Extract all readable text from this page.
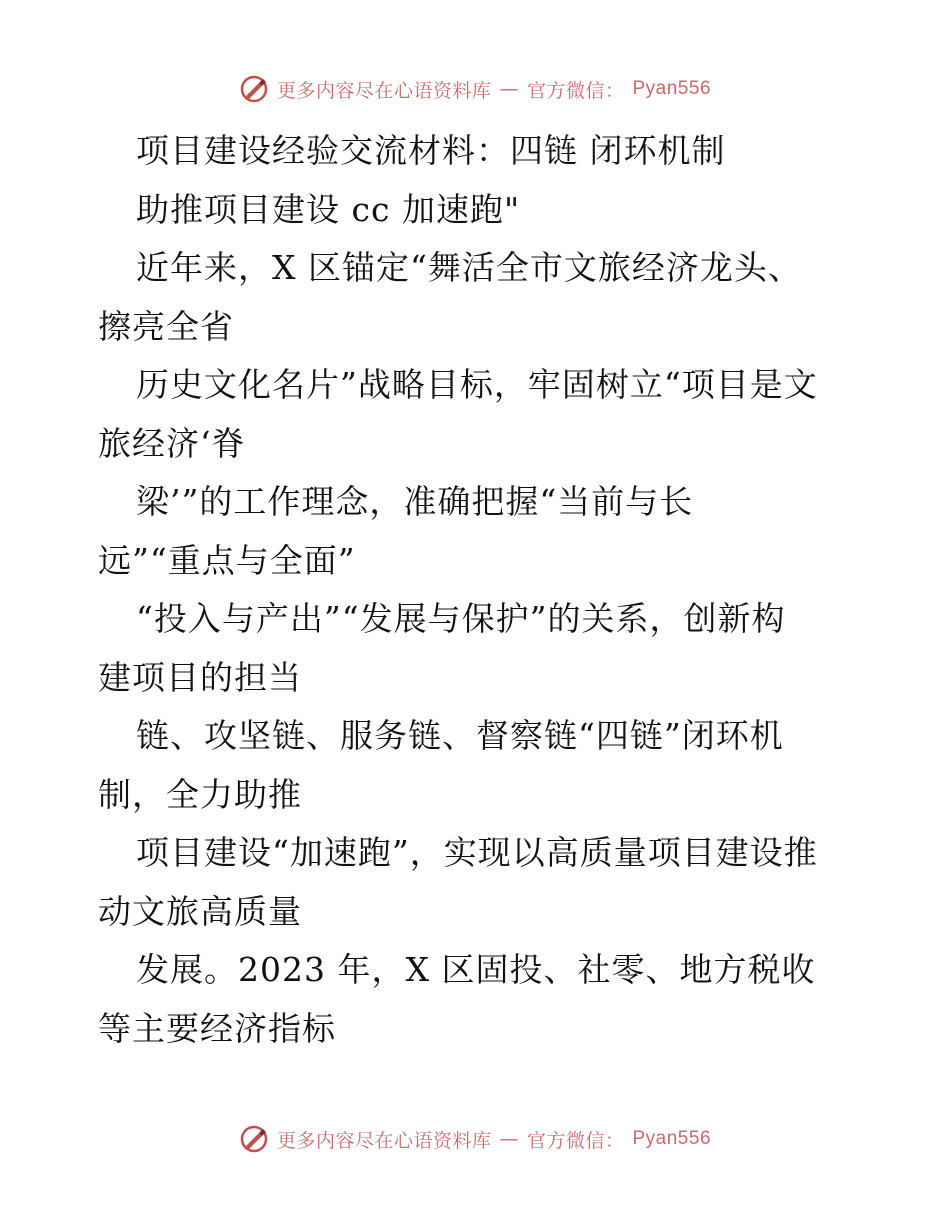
更多内容尽在心语资料库 — 官方微信： Pyan556
项目建设经验交流材料：四链 闭环机制
助推项目建设 cc 加速跑"
近年来，X 区锚定“舞活全市文旅经济龙头、
擦亮全省
历史文化名片”战略目标，牢固树立“项目是文
旅经济‘脊
梁’”的工作理念，准确把握“当前与长
远”“重点与全面”
“投入与产出”“发展与保护”的关系，创新构
建项目的担当
链、攻坚链、服务链、督察链“四链”闭环机
制，全力助推
项目建设“加速跑”，实现以高质量项目建设推
动文旅高质量
发展。2023 年，X 区固投、社零、地方税收
等主要经济指标
更多内容尽在心语资料库 — 官方微信： Pyan556
